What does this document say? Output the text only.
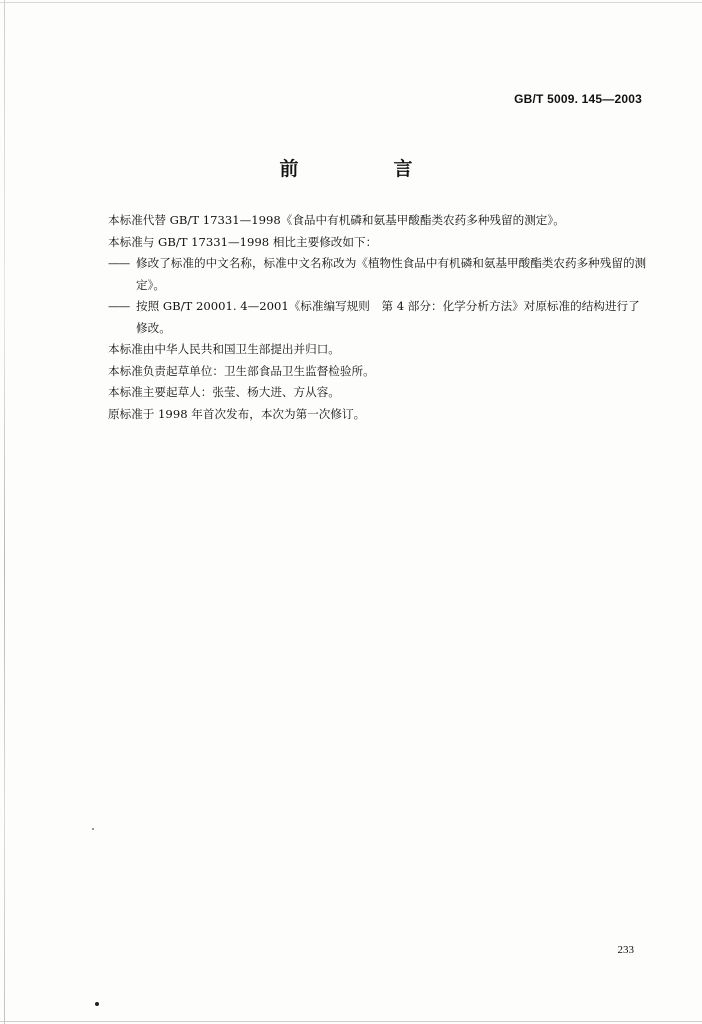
GB/T 5009. 145—2003
前　言

本标准代替 GB/T 17331—1998《食品中有机磷和氨基甲酸酯类农药多种残留的测定》。

本标准与 GB/T 17331—1998 相比主要修改如下：

—— 修改了标准的中文名称，标准中文名称改为《植物性食品中有机磷和氨基甲酸酯类农药多种残留的测定》。
—— 按照 GB/T 20001. 4—2001《标准编写规则　第 4 部分：化学分析方法》对原标准的结构进行了修改。

本标准由中华人民共和国卫生部提出并归口。

本标准负责起草单位：卫生部食品卫生监督检验所。

本标准主要起草人：张莹、杨大进、方从容。

原标准于 1998 年首次发布，本次为第一次修订。

233
